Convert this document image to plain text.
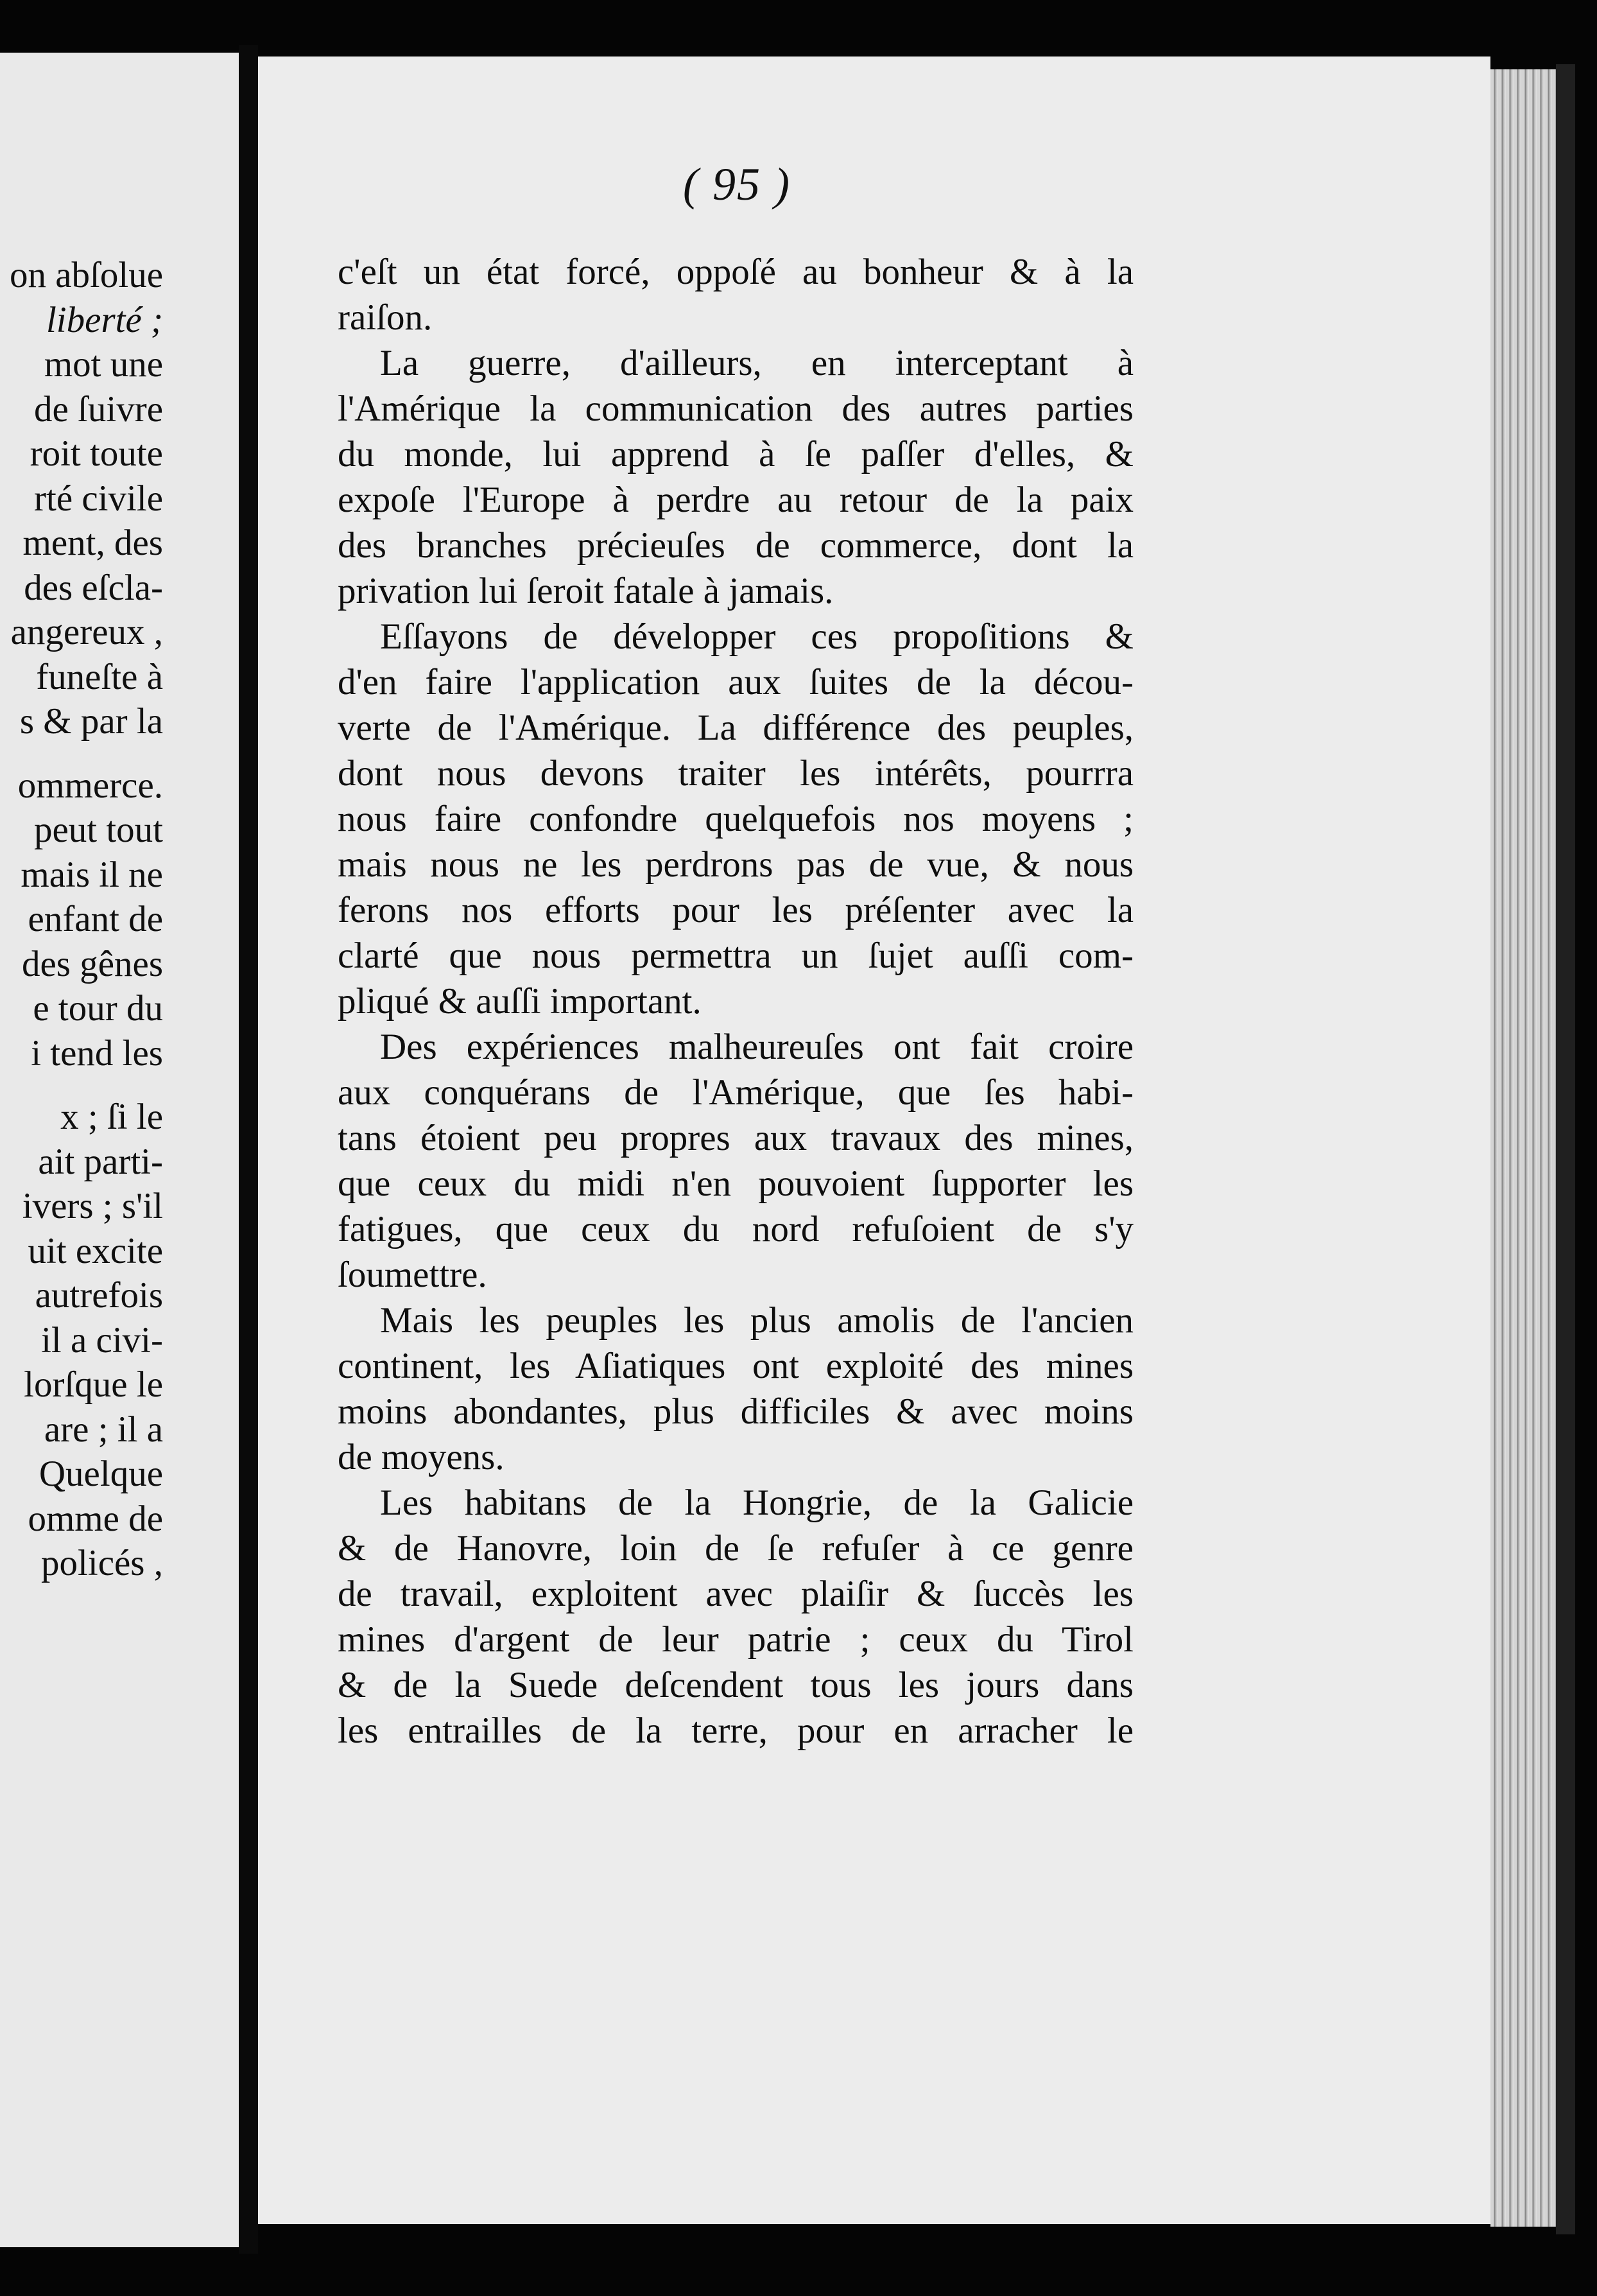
on abſolue
liberté ;
mot une
de ſuivre
roit toute
rté civile
ment, des
des eſcla-
angereux ,
funeſte à
s & par la
ommerce.
peut tout
mais il ne
enfant de
des gênes
e tour du
i tend les
x ; ſi le
ait parti-
ivers ; s'il
uit excite
autrefois
il a civi-
lorſque le
are ; il a
Quelque
omme de
policés ,
( 95 )
c'eſt un état forcé, oppoſé au bonheur & à la
raiſon.
La guerre, d'ailleurs, en interceptant à
l'Amérique la communication des autres parties
du monde, lui apprend à ſe paſſer d'elles, &
expoſe l'Europe à perdre au retour de la paix
des branches précieuſes de commerce, dont la
privation lui ſeroit fatale à jamais.
Eſſayons de développer ces propoſitions &
d'en faire l'application aux ſuites de la décou-
verte de l'Amérique. La différence des peuples,
dont nous devons traiter les intérêts, pourrra
nous faire confondre quelquefois nos moyens ;
mais nous ne les perdrons pas de vue, & nous
ferons nos efforts pour les préſenter avec la
clarté que nous permettra un ſujet auſſi com-
pliqué & auſſi important.
Des expériences malheureuſes ont fait croire
aux conquérans de l'Amérique, que ſes habi-
tans étoient peu propres aux travaux des mines,
que ceux du midi n'en pouvoient ſupporter les
fatigues, que ceux du nord refuſoient de s'y
ſoumettre.
Mais les peuples les plus amolis de l'ancien
continent, les Aſiatiques ont exploité des mines
moins abondantes, plus difficiles & avec moins
de moyens.
Les habitans de la Hongrie, de la Galicie
& de Hanovre, loin de ſe refuſer à ce genre
de travail, exploitent avec plaiſir & ſuccès les
mines d'argent de leur patrie ; ceux du Tirol
& de la Suede deſcendent tous les jours dans
les entrailles de la terre, pour en arracher le
